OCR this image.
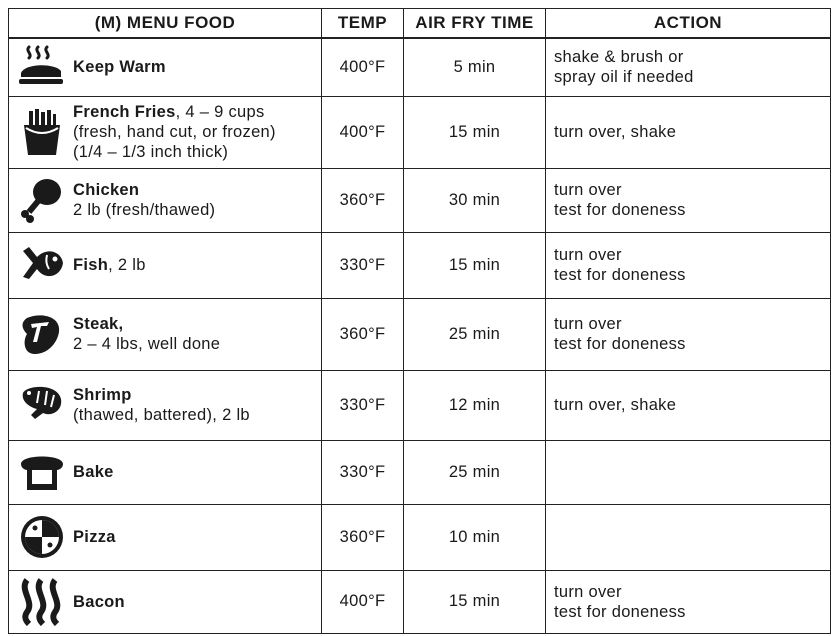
(M) MENU FOOD	TEMP	AIR FRY TIME	ACTION

Keep Warm	400°F	5 min	shake & brush or
spray oil if needed

French Fries, 4 – 9 cups
(fresh, hand cut, or frozen)
(1/4 – 1/3 inch thick)	400°F	15 min	turn over, shake

Chicken
2 lb (fresh/thawed)	360°F	30 min	turn over
test for doneness

Fish, 2 lb	330°F	15 min	turn over
test for doneness

Steak,
2 – 4 lbs, well done	360°F	25 min	turn over
test for doneness

Shrimp
(thawed, battered), 2 lb	330°F	12 min	turn over, shake

Bake	330°F	25 min	

Pizza	360°F	10 min	

Bacon	400°F	15 min	turn over
test for doneness
